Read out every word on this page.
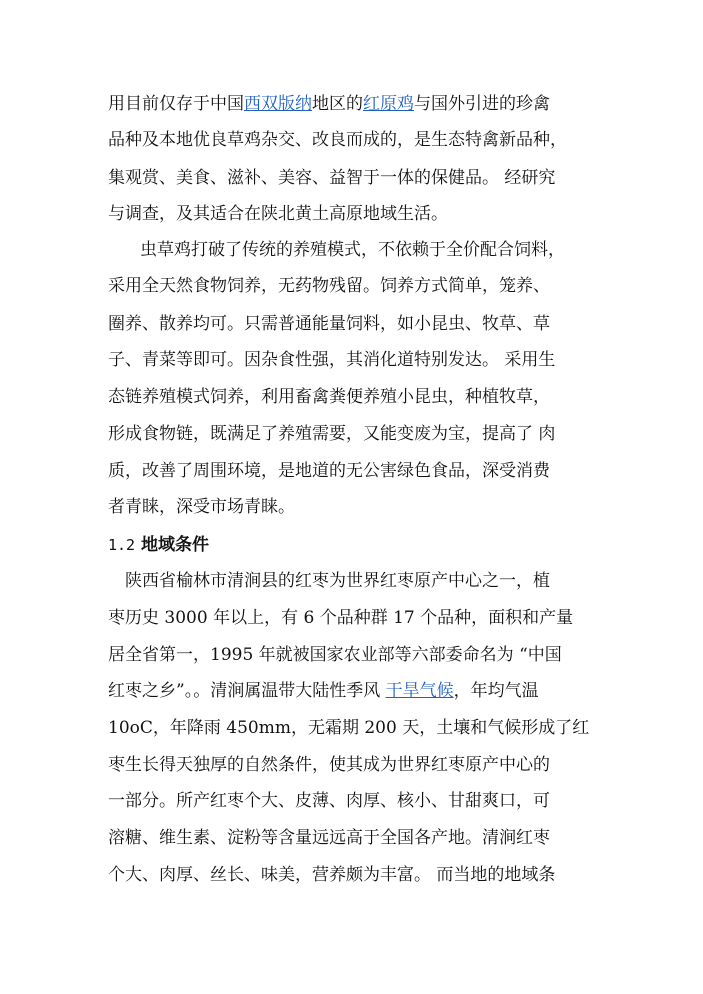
用目前仅存于中国西双版纳地区的红原鸡与国外引进的珍禽
品种及本地优良草鸡杂交、改良而成的，是生态特禽新品种，
集观赏、美食、滋补、美容、益智于一体的保健品。 经研究
与调查，及其适合在陕北黄土高原地域生活。
虫草鸡打破了传统的养殖模式，不依赖于全价配合饲料，
采用全天然食物饲养，无药物残留。饲养方式简单，笼养、
圈养、散养均可。只需普通能量饲料，如小昆虫、牧草、草
子、青菜等即可。因杂食性强，其消化道特别发达。 采用生
态链养殖模式饲养，利用畜禽粪便养殖小昆虫，种植牧草，
形成食物链，既满足了养殖需要，又能变废为宝，提高了 肉
质，改善了周围环境，是地道的无公害绿色食品，深受消费
者青睐，深受市场青睐。
1.2 地域条件
陕西省榆林市清涧县的红枣为世界红枣原产中心之一，植
枣历史 3000 年以上，有 6 个品种群 17 个品种，面积和产量
居全省第一，1995 年就被国家农业部等六部委命名为 “中国
红枣之乡”。。清涧属温带大陆性季风 干旱气候，年均气温
10oC，年降雨 450mm，无霜期 200 天，土壤和气候形成了红
枣生长得天独厚的自然条件，使其成为世界红枣原产中心的
一部分。所产红枣个大、皮薄、肉厚、核小、甘甜爽口，可
溶糖、维生素、淀粉等含量远远高于全国各产地。清涧红枣
个大、肉厚、丝长、味美，营养颇为丰富。 而当地的地域条
